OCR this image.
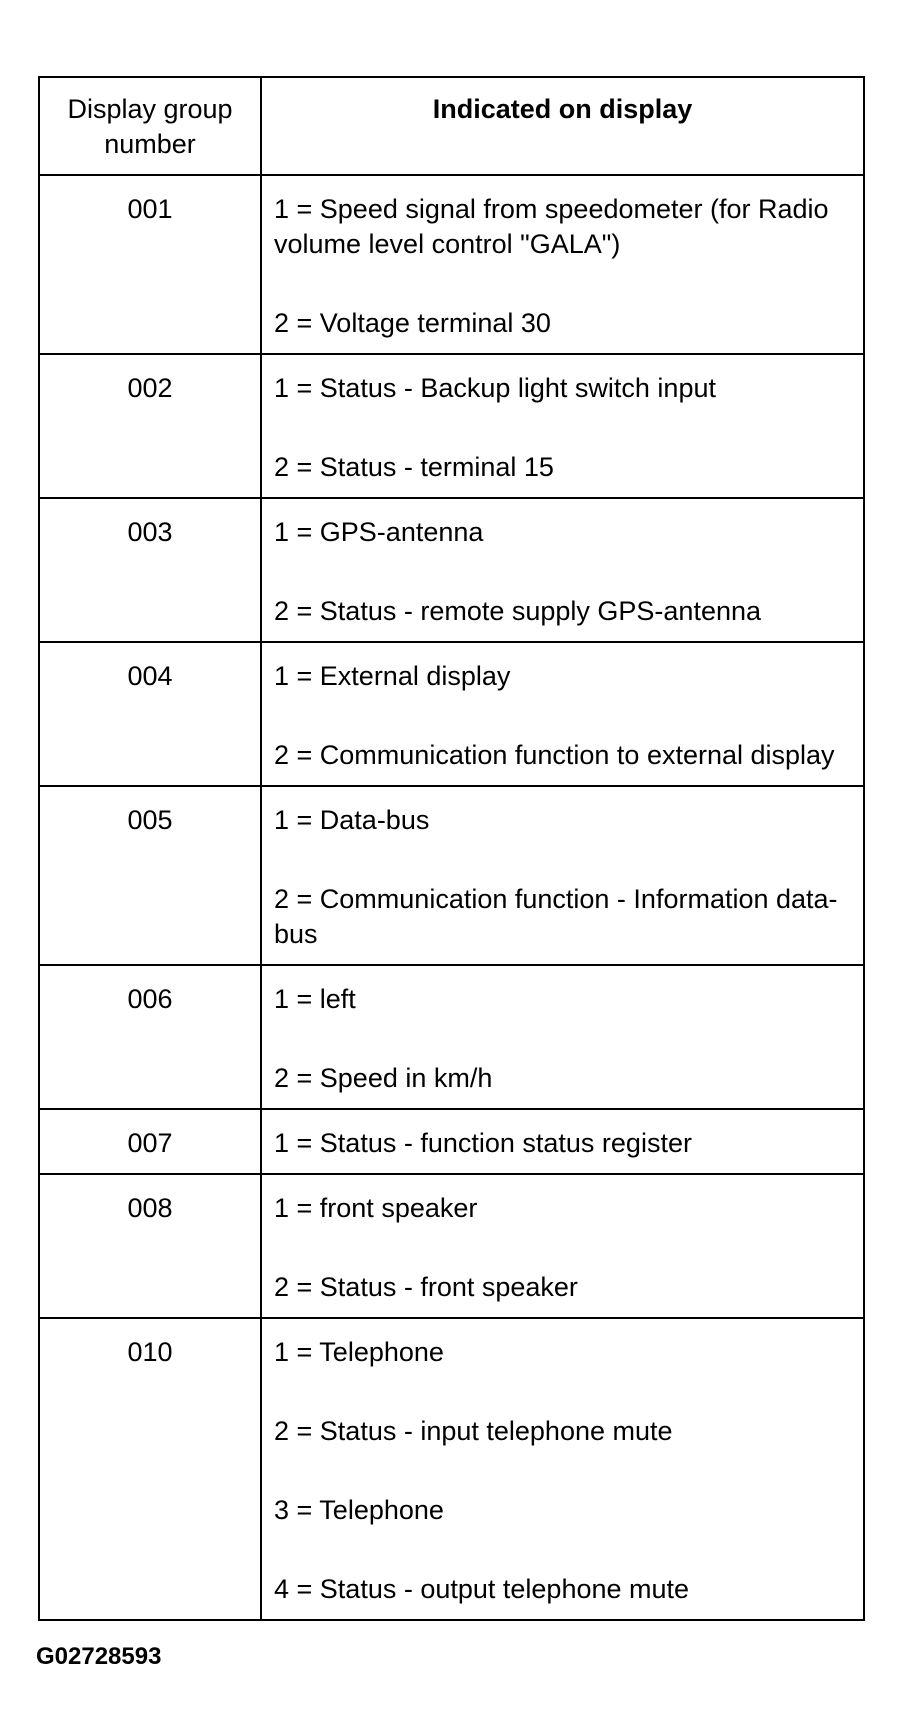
Display group number	Indicated on display
001	1 = Speed signal from speedometer (for Radio volume level control "GALA")
2 = Voltage terminal 30

002	1 = Status - Backup light switch input
2 = Status - terminal 15

003	1 = GPS-antenna
2 = Status - remote supply GPS-antenna

004	1 = External display
2 = Communication function to external display

005	1 = Data-bus
2 = Communication function - Information data-bus

006	1 = left
2 = Speed in km/h

007	1 = Status - function status register

008	1 = front speaker
2 = Status - front speaker

010	1 = Telephone
2 = Status - input telephone mute
3 = Telephone
4 = Status - output telephone mute
G02728593
